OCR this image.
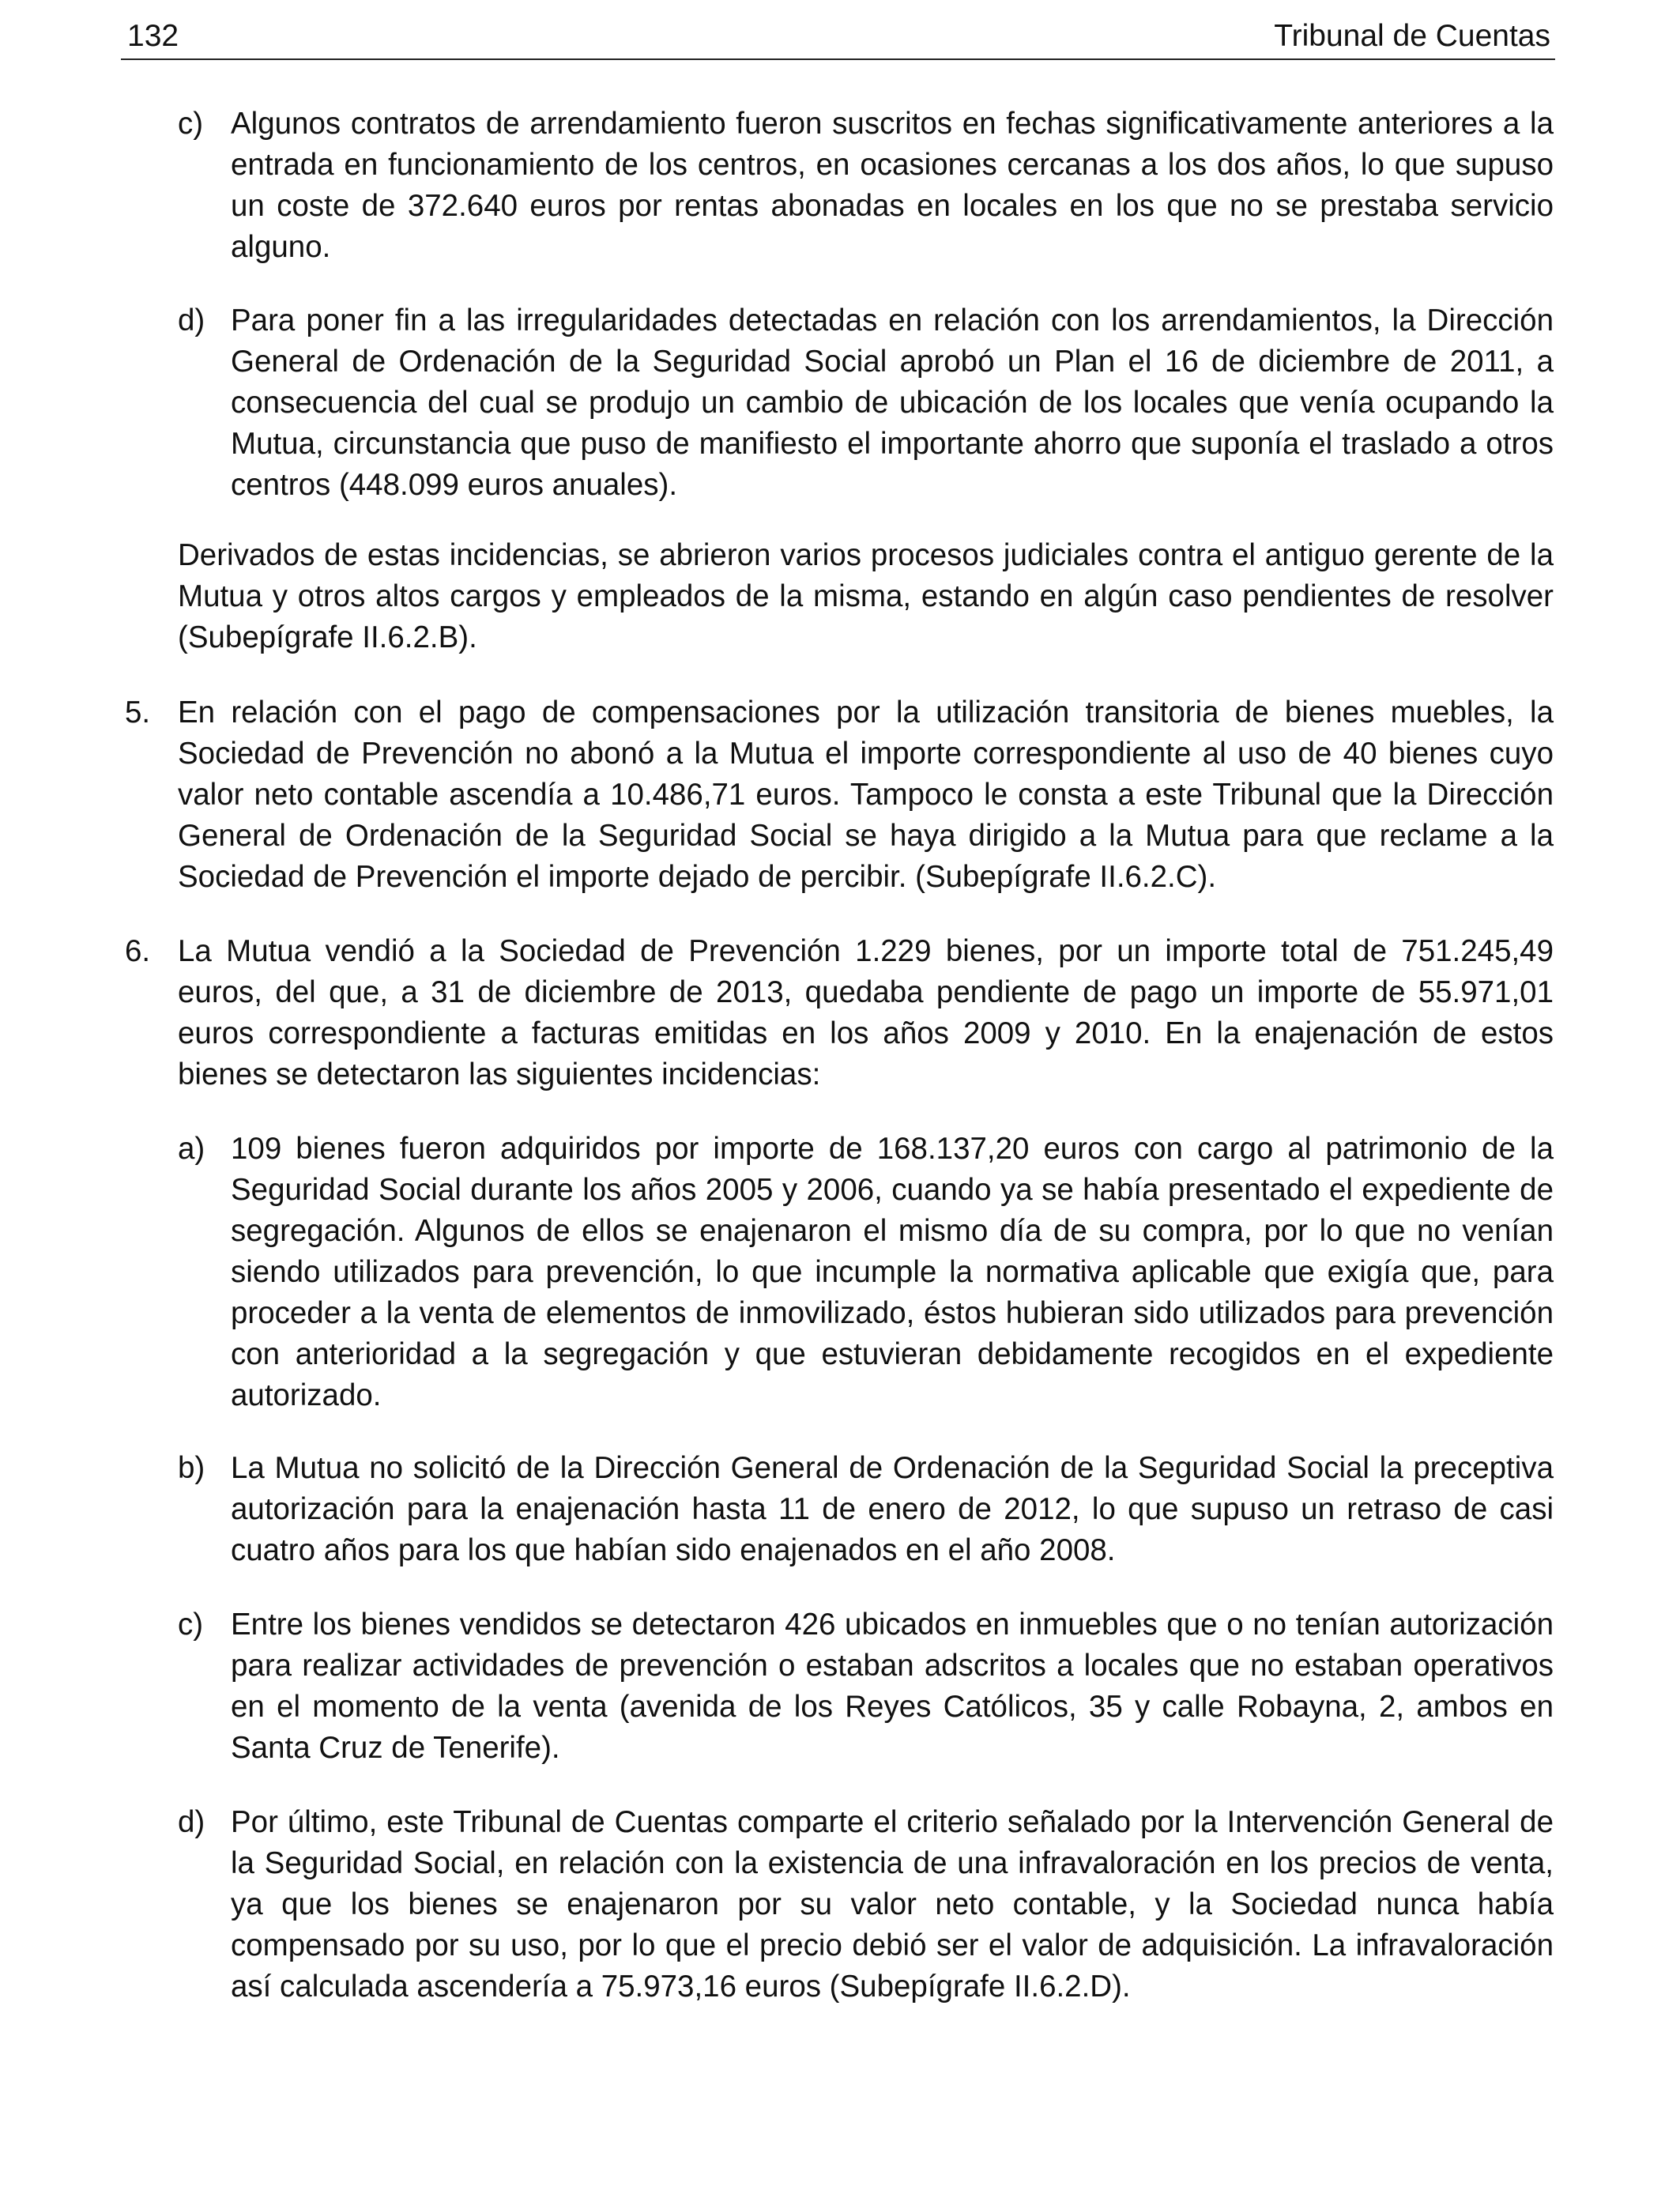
132	Tribunal de Cuentas
c) Algunos contratos de arrendamiento fueron suscritos en fechas significativamente anteriores a la entrada en funcionamiento de los centros, en ocasiones cercanas a los dos años, lo que supuso un coste de 372.640 euros por rentas abonadas en locales en los que no se prestaba servicio alguno.
d) Para poner fin a las irregularidades detectadas en relación con los arrendamientos, la Dirección General de Ordenación de la Seguridad Social aprobó un Plan el 16 de diciembre de 2011, a consecuencia del cual se produjo un cambio de ubicación de los locales que venía ocupando la Mutua, circunstancia que puso de manifiesto el importante ahorro que suponía el traslado a otros centros (448.099 euros anuales).
Derivados de estas incidencias, se abrieron varios procesos judiciales contra el antiguo gerente de la Mutua y otros altos cargos y empleados de la misma, estando en algún caso pendientes de resolver (Subepígrafe II.6.2.B).
5. En relación con el pago de compensaciones por la utilización transitoria de bienes muebles, la Sociedad de Prevención no abonó a la Mutua el importe correspondiente al uso de 40 bienes cuyo valor neto contable ascendía a 10.486,71 euros. Tampoco le consta a este Tribunal que la Dirección General de Ordenación de la Seguridad Social se haya dirigido a la Mutua para que reclame a la Sociedad de Prevención el importe dejado de percibir. (Subepígrafe II.6.2.C).
6. La Mutua vendió a la Sociedad de Prevención 1.229 bienes, por un importe total de 751.245,49 euros, del que, a 31 de diciembre de 2013, quedaba pendiente de pago un importe de 55.971,01 euros correspondiente a facturas emitidas en los años 2009 y 2010. En la enajenación de estos bienes se detectaron las siguientes incidencias:
a) 109 bienes fueron adquiridos por importe de 168.137,20 euros con cargo al patrimonio de la Seguridad Social durante los años 2005 y 2006, cuando ya se había presentado el expediente de segregación. Algunos de ellos se enajenaron el mismo día de su compra, por lo que no venían siendo utilizados para prevención, lo que incumple la normativa aplicable que exigía que, para proceder a la venta de elementos de inmovilizado, éstos hubieran sido utilizados para prevención con anterioridad a la segregación y que estuvieran debidamente recogidos en el expediente autorizado.
b) La Mutua no solicitó de la Dirección General de Ordenación de la Seguridad Social la preceptiva autorización para la enajenación hasta 11 de enero de 2012, lo que supuso un retraso de casi cuatro años para los que habían sido enajenados en el año 2008.
c) Entre los bienes vendidos se detectaron 426 ubicados en inmuebles que o no tenían autorización para realizar actividades de prevención o estaban adscritos a locales que no estaban operativos en el momento de la venta (avenida de los Reyes Católicos, 35 y calle Robayna, 2, ambos en Santa Cruz de Tenerife).
d) Por último, este Tribunal de Cuentas comparte el criterio señalado por la Intervención General de la Seguridad Social, en relación con la existencia de una infravaloración en los precios de venta, ya que los bienes se enajenaron por su valor neto contable, y la Sociedad nunca había compensado por su uso, por lo que el precio debió ser el valor de adquisición. La infravaloración así calculada ascendería a 75.973,16 euros (Subepígrafe II.6.2.D).
